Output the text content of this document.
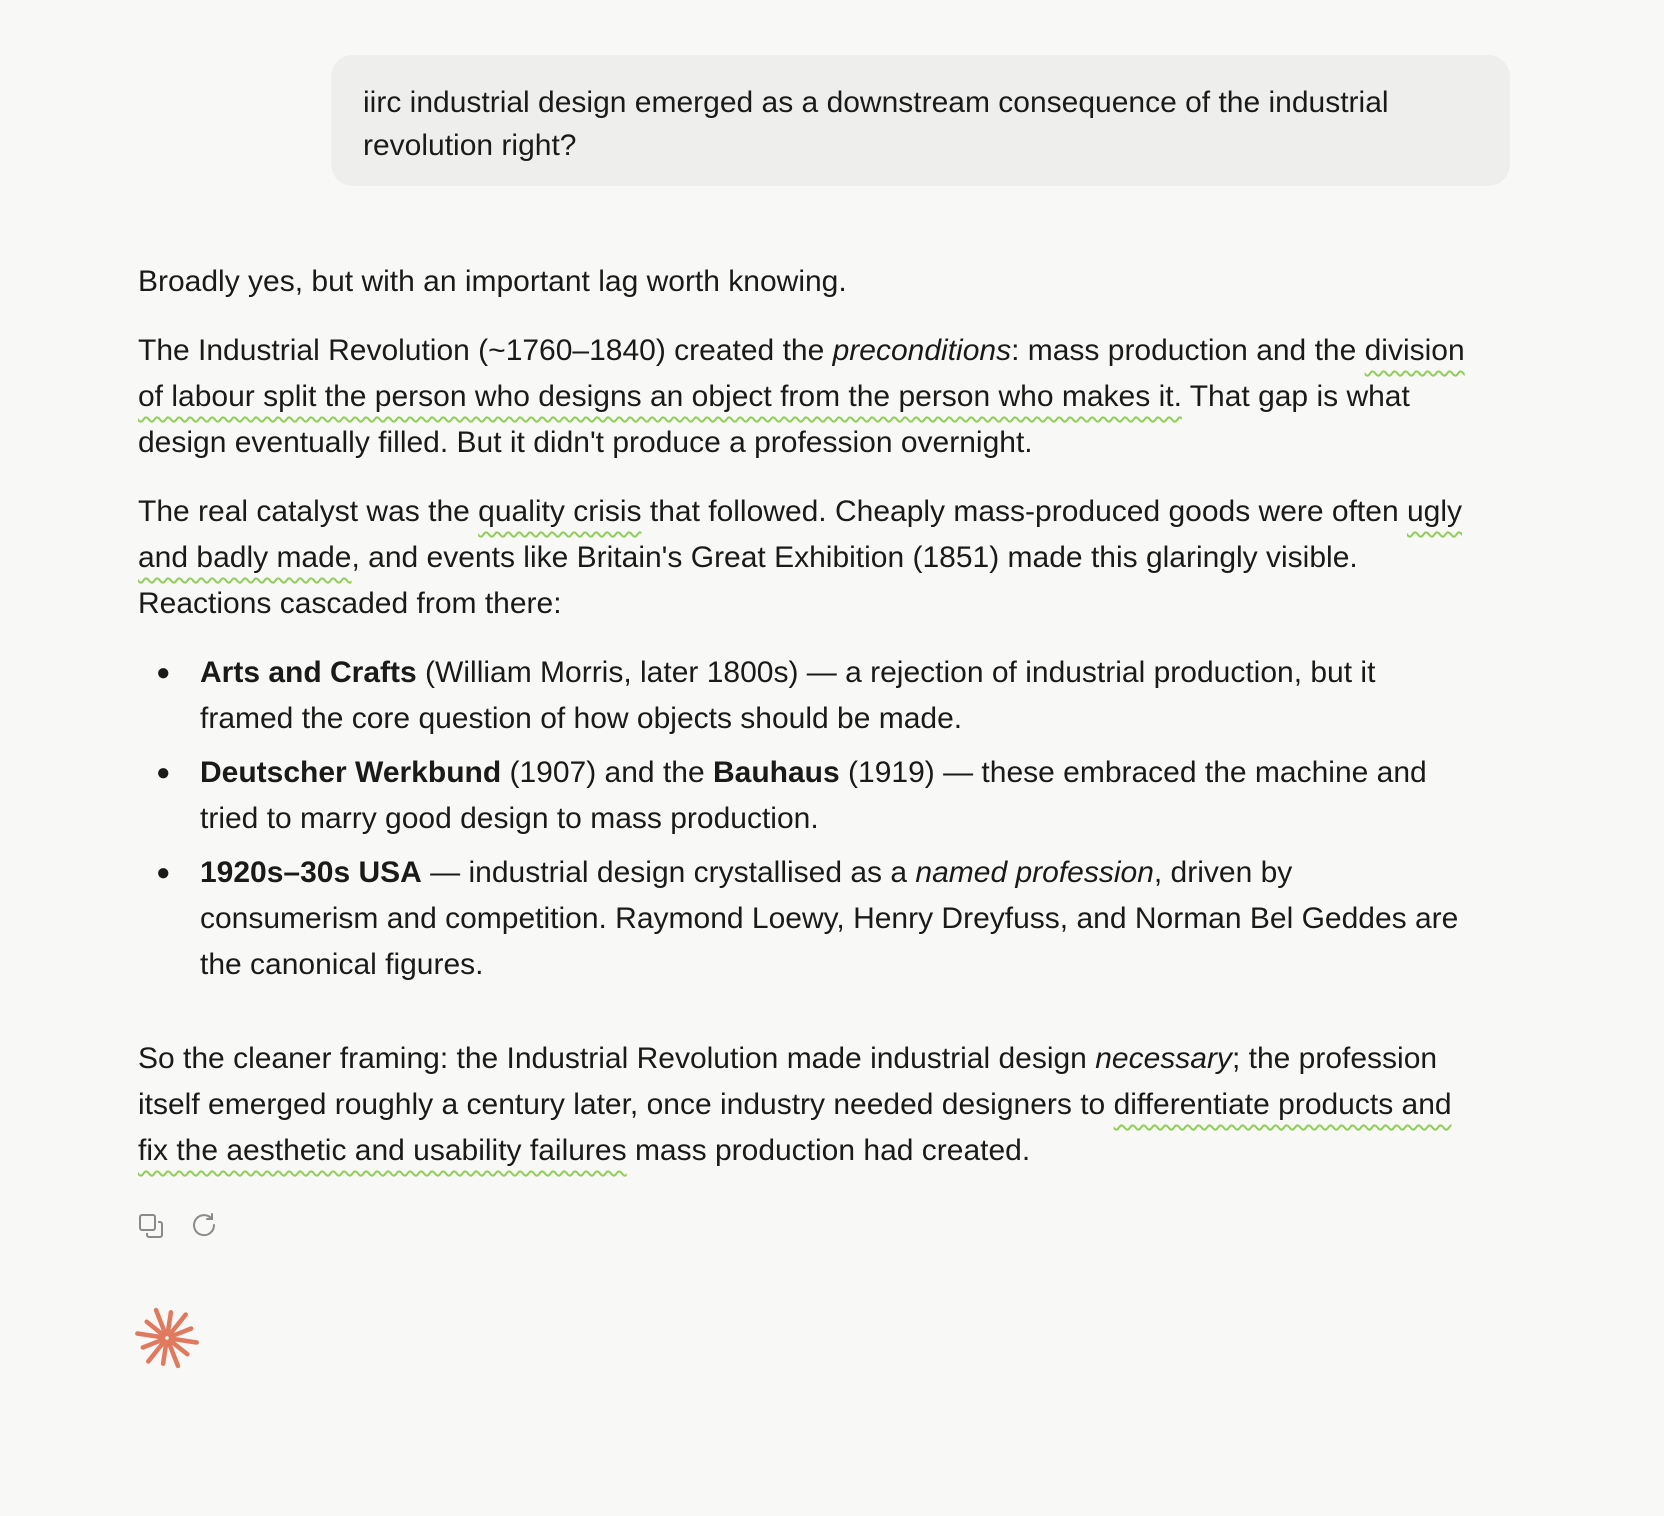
iirc industrial design emerged as a downstream consequence of the industrial revolution right?

Broadly yes, but with an important lag worth knowing.

The Industrial Revolution (~1760–1840) created the preconditions: mass production and the division of labour split the person who designs an object from the person who makes it. That gap is what design eventually filled. But it didn't produce a profession overnight.

The real catalyst was the quality crisis that followed. Cheaply mass-produced goods were often ugly and badly made, and events like Britain's Great Exhibition (1851) made this glaringly visible. Reactions cascaded from there:

● Arts and Crafts (William Morris, later 1800s) — a rejection of industrial production, but it framed the core question of how objects should be made.
● Deutscher Werkbund (1907) and the Bauhaus (1919) — these embraced the machine and tried to marry good design to mass production.
● 1920s–30s USA — industrial design crystallised as a named profession, driven by consumerism and competition. Raymond Loewy, Henry Dreyfuss, and Norman Bel Geddes are the canonical figures.

So the cleaner framing: the Industrial Revolution made industrial design necessary; the profession itself emerged roughly a century later, once industry needed designers to differentiate products and fix the aesthetic and usability failures mass production had created.
